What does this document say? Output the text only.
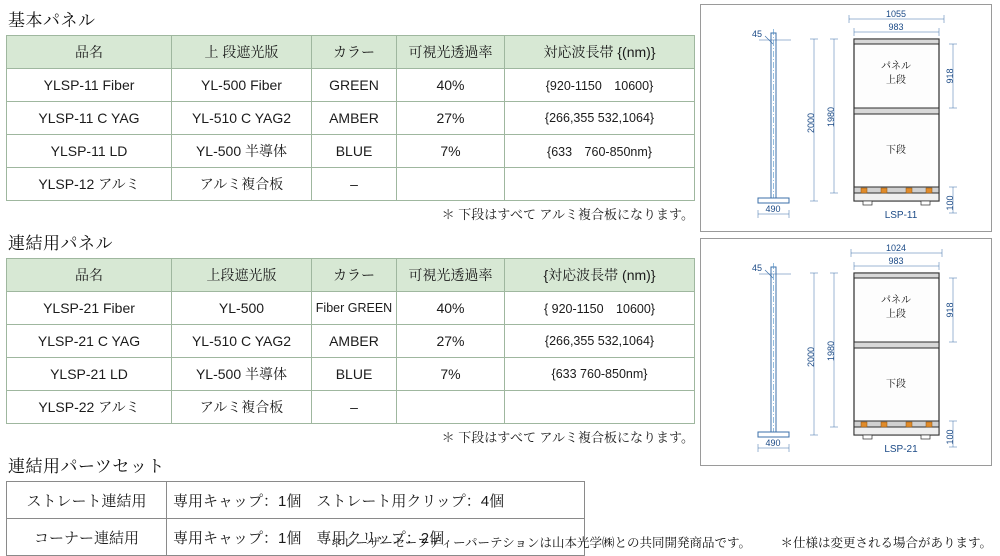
基本パネル
品名	上 段遮光版	カラー	可視光透過率	対応波長帯 {(nm)}
YLSP-11 Fiber	YL-500 Fiber	GREEN	40%	{920-1150　10600}
YLSP-11 C YAG	YL-510 C YAG2	AMBER	27%	{266,355 532,1064}
YLSP-11 LD	YL-500 半導体	BLUE	7%	{633　760-850nm}
YLSP-12 アルミ	アルミ複合板	–		
＊ 下段はすべて アルミ複合板になります。
連結用パネル
品名	上段遮光版	カラー	可視光透過率	{対応波長帯 (nm)}
YLSP-21 Fiber	YL-500	Fiber GREEN	40%	{ 920-1150　10600}
YLSP-21 C YAG	YL-510 C YAG2	AMBER	27%	{266,355 532,1064}
YLSP-21 LD	YL-500 半導体	BLUE	7%	{633 760-850nm}
YLSP-22 アルミ	アルミ複合板	–		
＊ 下段はすべて アルミ複合板になります。
連結用パーツセット
ストレート連結用	専用キャップ：1個　ストレート用クリップ：4個
コーナー連結用	専用キャップ：1個　専用クリップ：2個
45
490
パネル
上段
下段
1055
983
2000 1980
918
100
LSP-11
45
490
パネル
上段
下段
1024
983
2000 1980
918
100
LSP-21
＊レーザーセーフティーパーテションは山本光学㈱との共同開発商品です。 ＊仕様は変更される場合があります。
